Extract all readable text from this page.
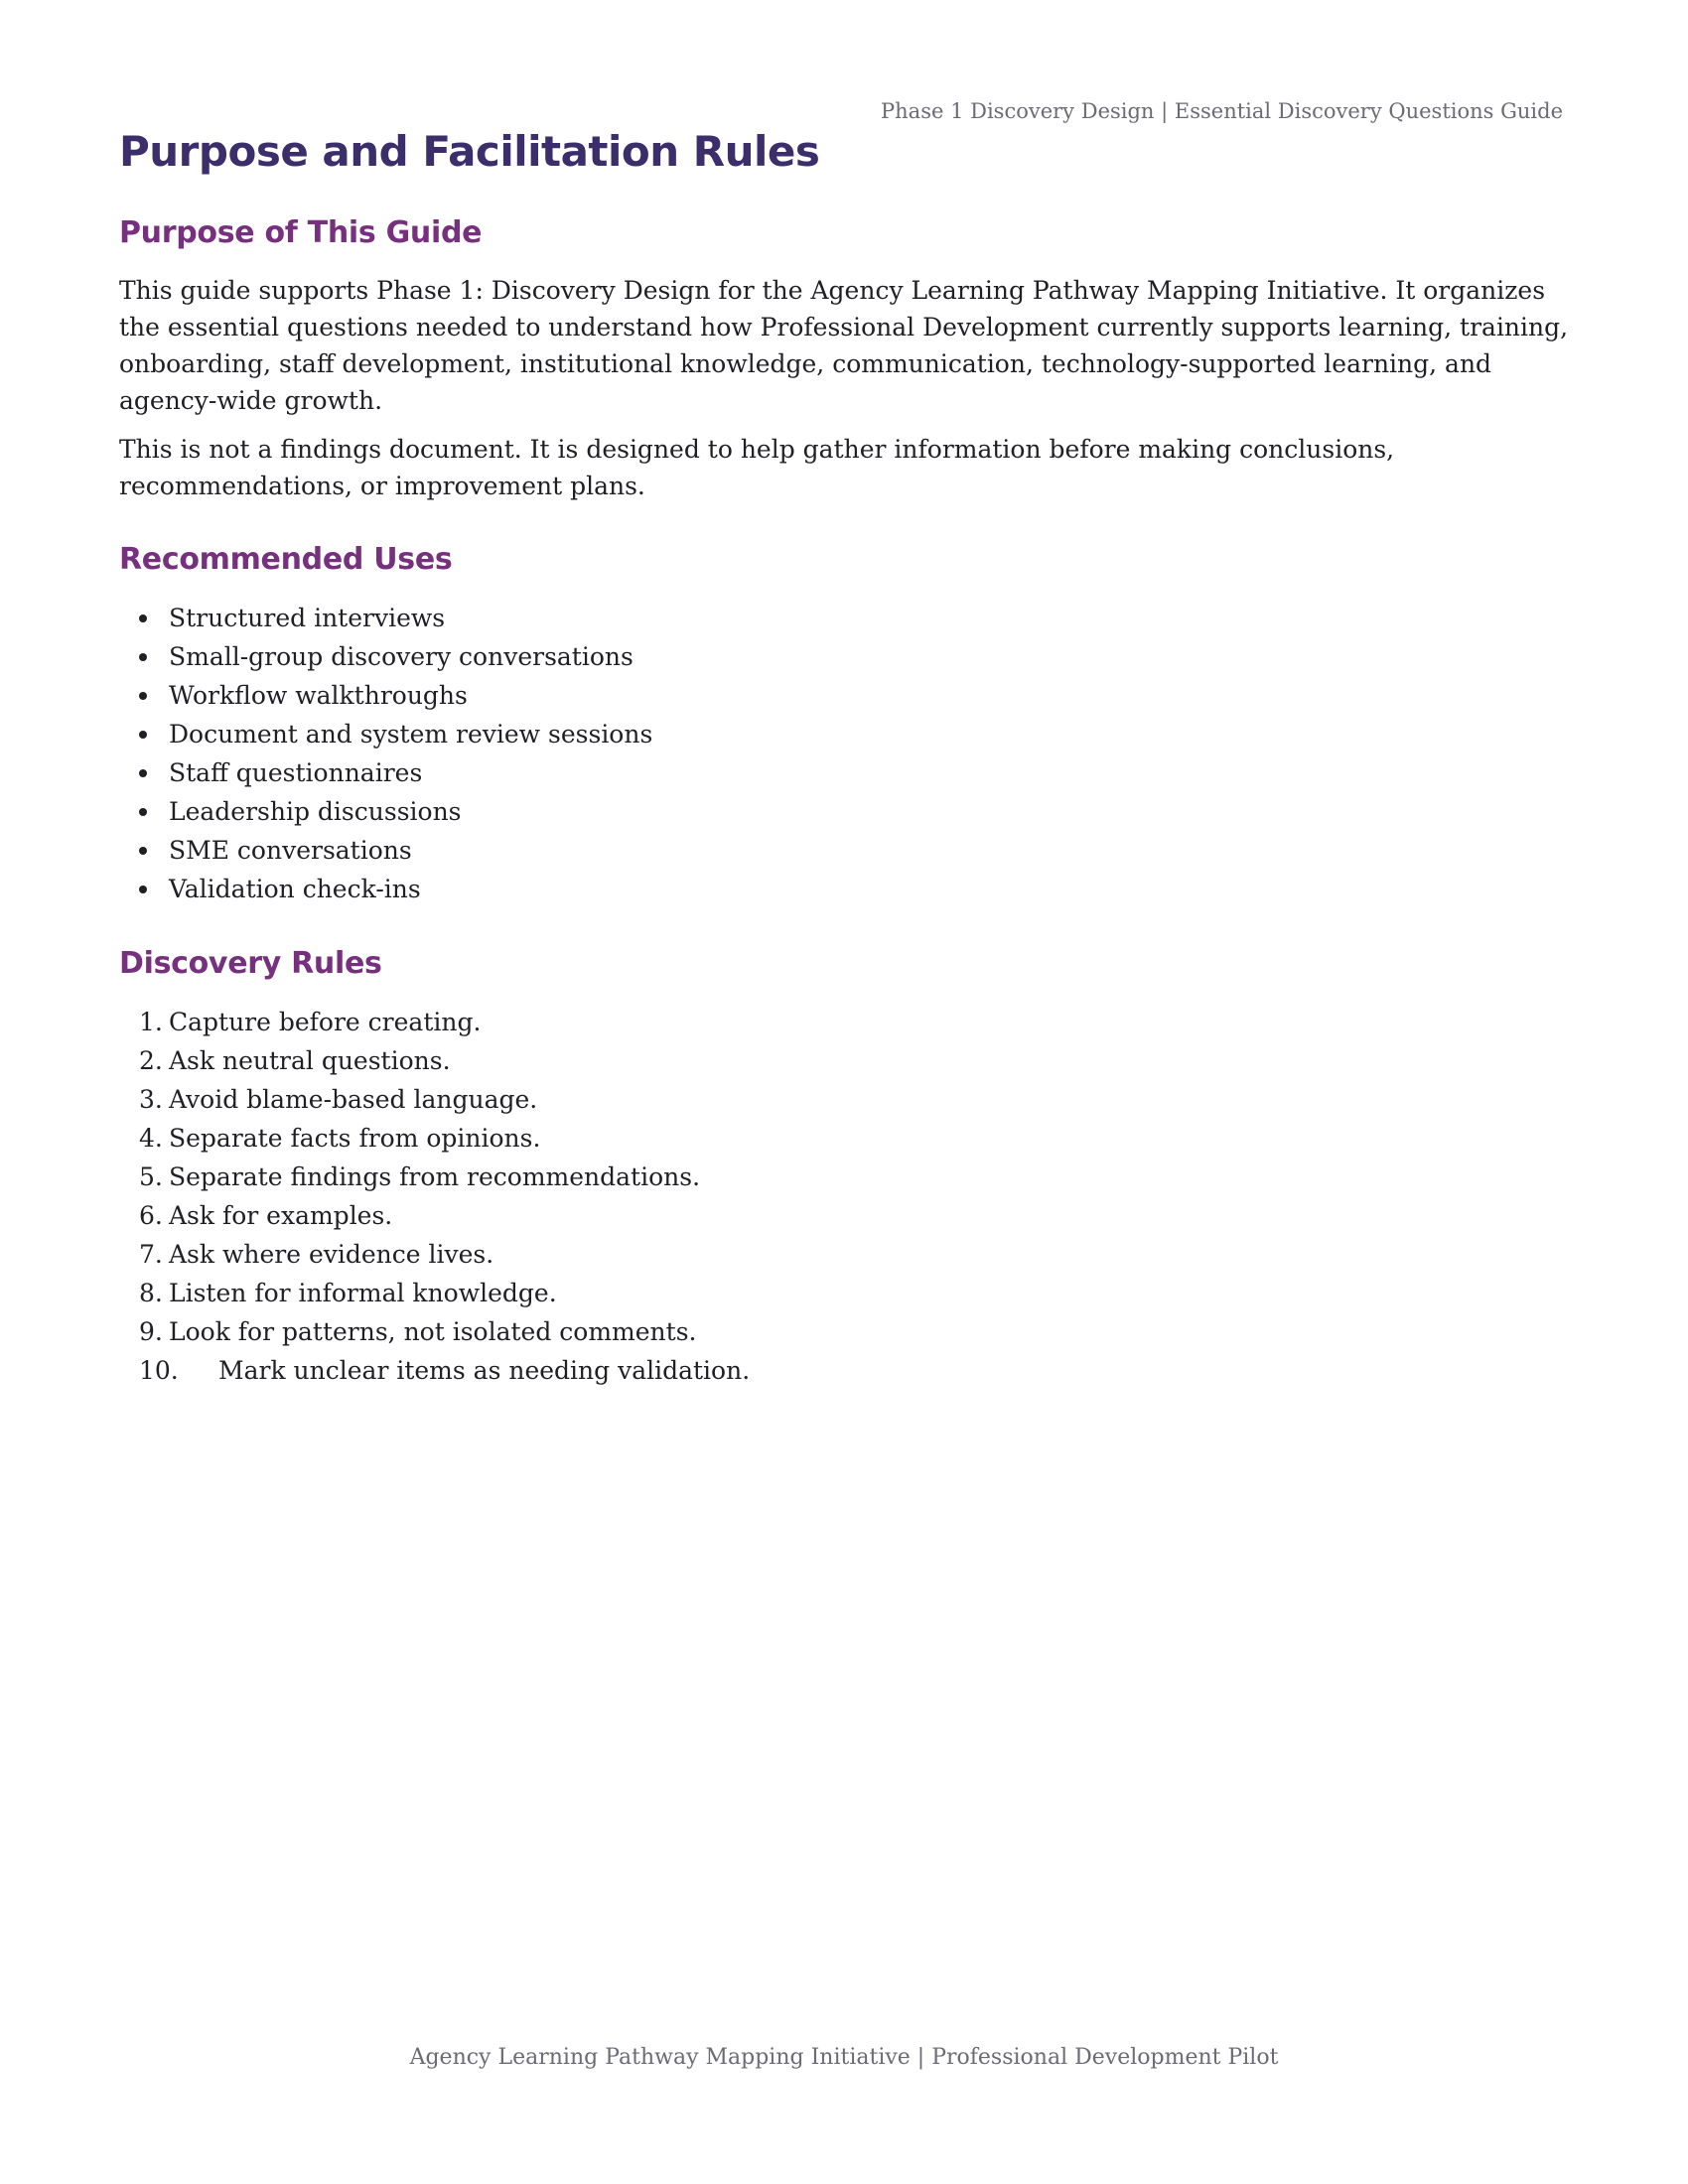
Phase 1 Discovery Design | Essential Discovery Questions Guide
Purpose and Facilitation Rules
Purpose of This Guide

This guide supports Phase 1: Discovery Design for the Agency Learning Pathway Mapping Initiative. It organizes the essential questions needed to understand how Professional Development currently supports learning, training, onboarding, staff development, institutional knowledge, communication, technology-supported learning, and agency-wide growth.

This is not a findings document. It is designed to help gather information before making conclusions, recommendations, or improvement plans.

Recommended Uses
Structured interviews
Small-group discovery conversations
Workflow walkthroughs
Document and system review sessions
Staff questionnaires
Leadership discussions
SME conversations
Validation check-ins
Discovery Rules
1. Capture before creating.
2. Ask neutral questions.
3. Avoid blame-based language.
4. Separate facts from opinions.
5. Separate findings from recommendations.
6. Ask for examples.
7. Ask where evidence lives.
8. Listen for informal knowledge.
9. Look for patterns, not isolated comments.
10. Mark unclear items as needing validation.
Agency Learning Pathway Mapping Initiative | Professional Development Pilot
